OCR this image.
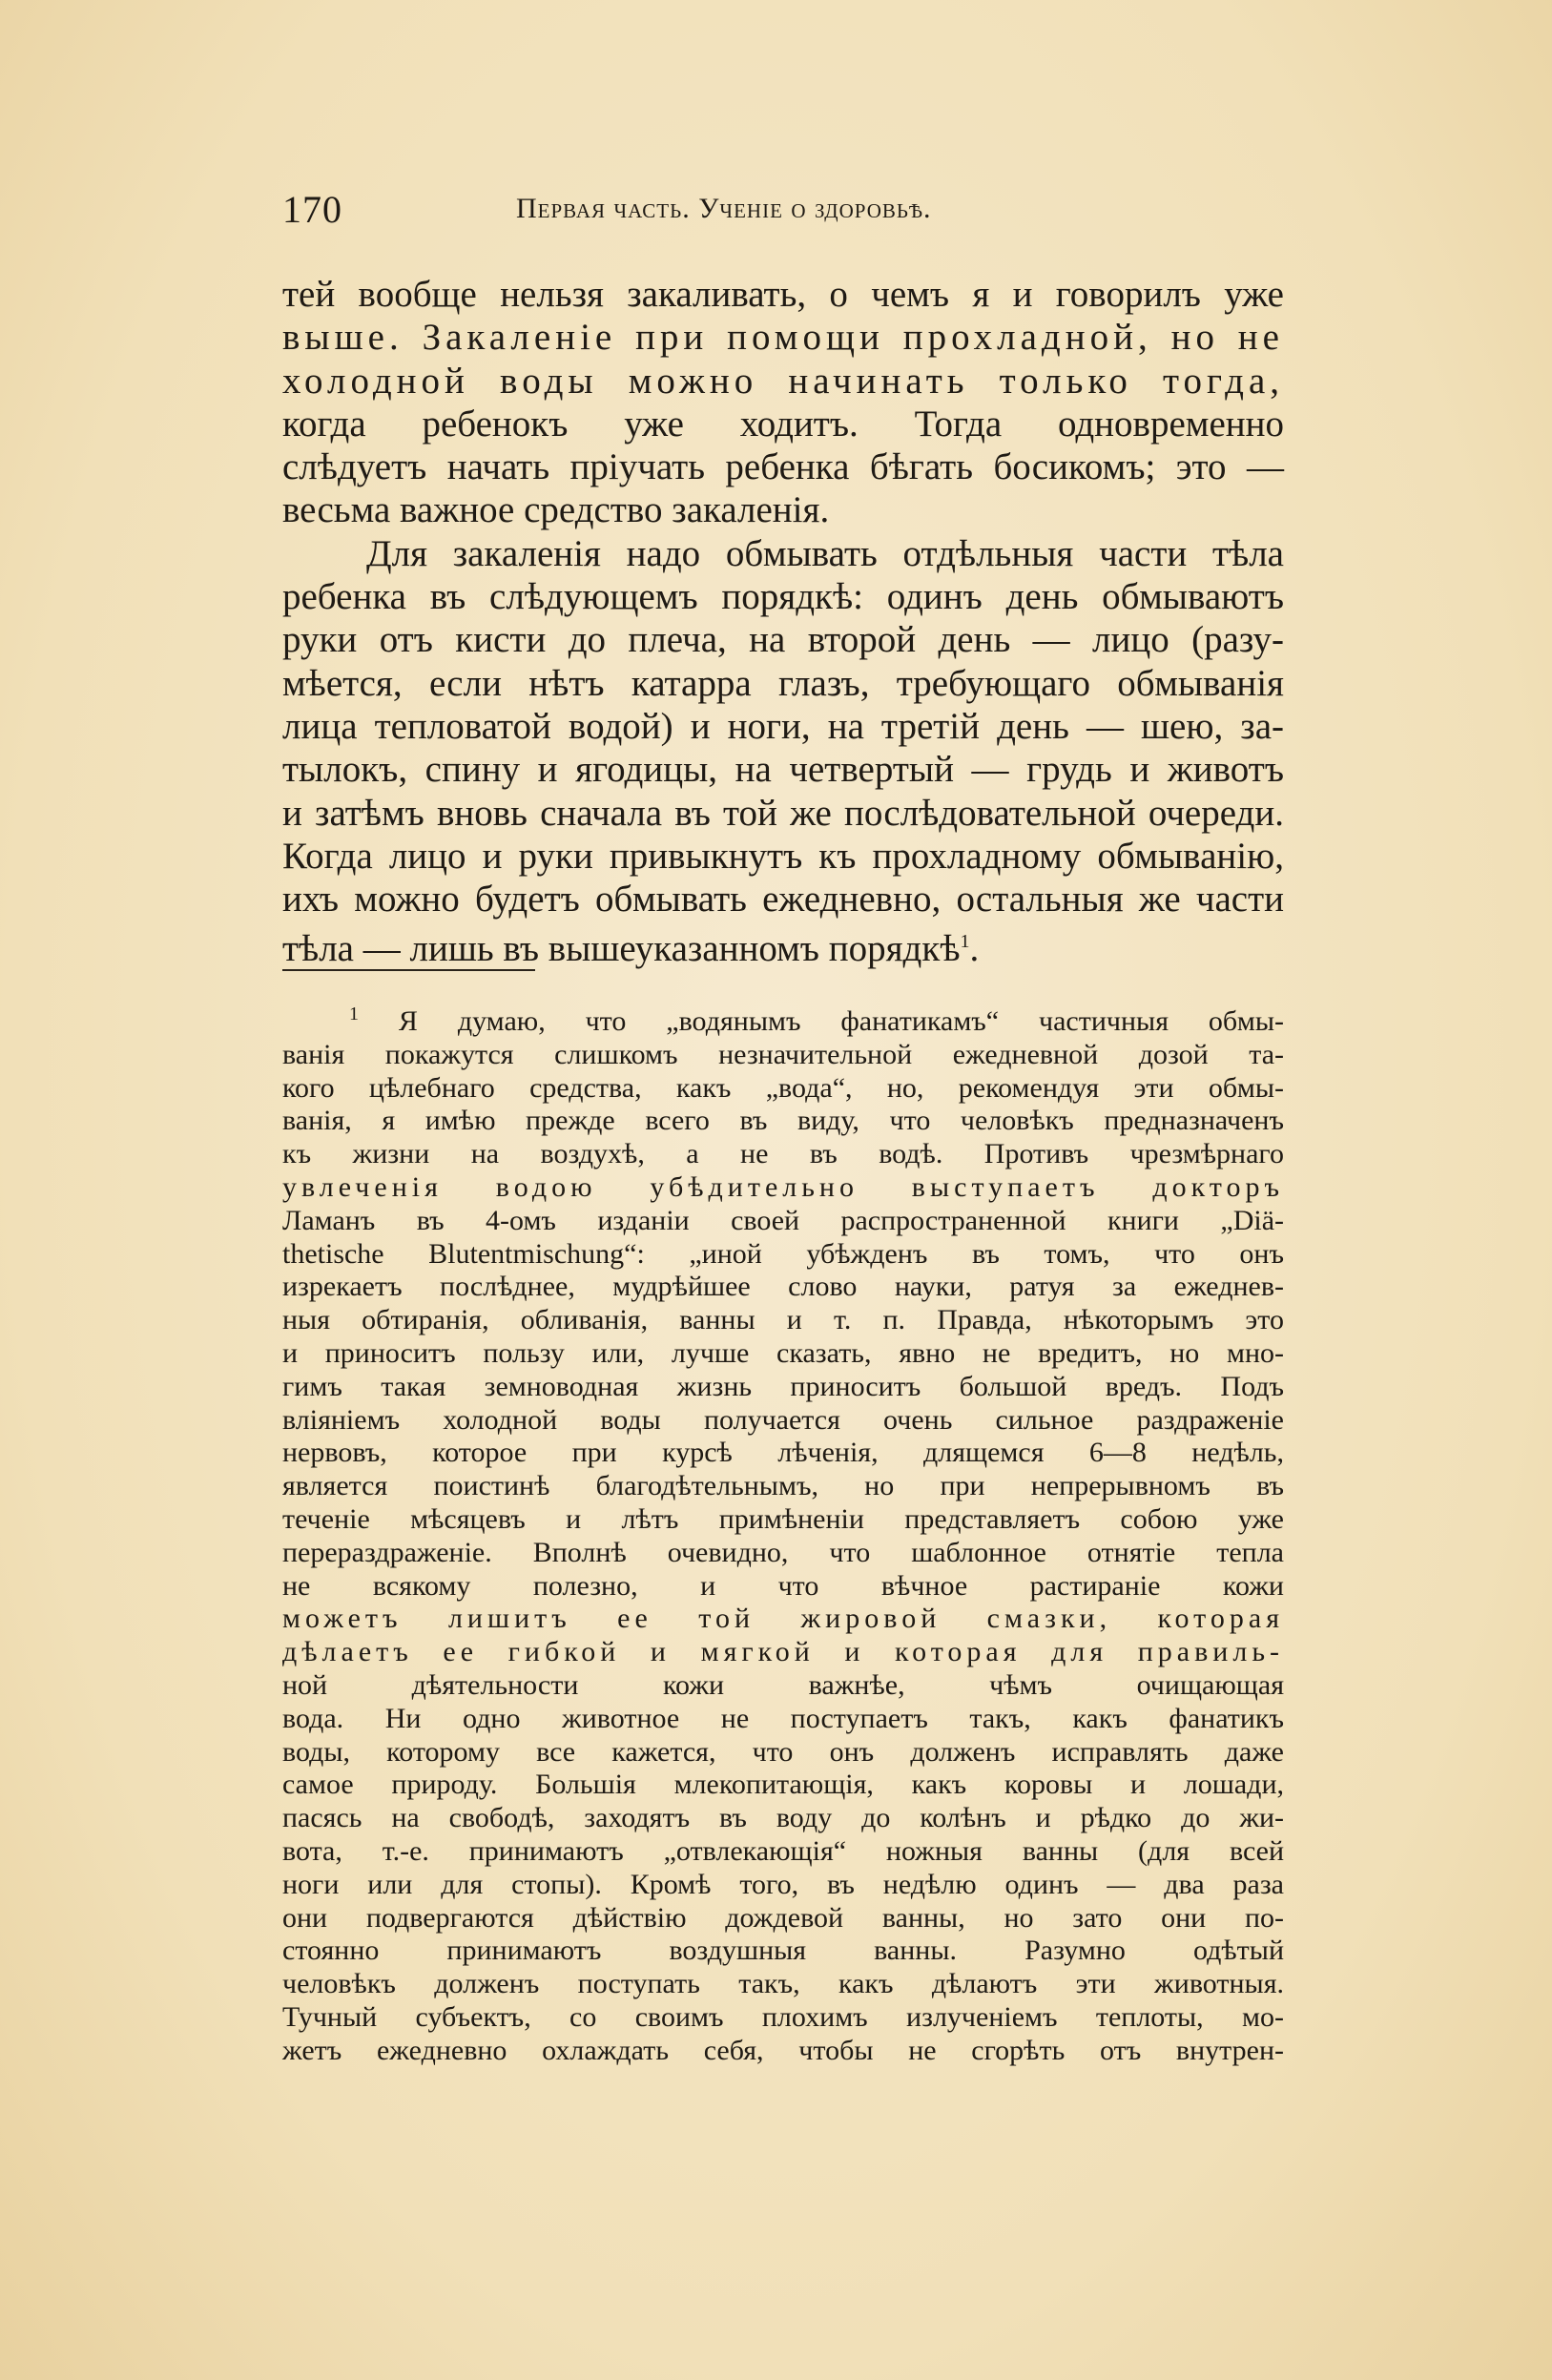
170	Первая часть. Ученіе о здоровьѣ.
тей вообще нельзя закаливать, о чемъ я и говорилъ уже
выше. Закаленіе при помощи прохладной, но не
холодной воды можно начинать только тогда,
когда ребенокъ уже ходитъ. Тогда одновременно
слѣдуетъ начать пріучать ребенка бѣгать босикомъ; это —
весьма важное средство закаленія.
Для закаленія надо обмывать отдѣльныя части тѣла
ребенка въ слѣдующемъ порядкѣ: одинъ день обмываютъ
руки отъ кисти до плеча, на второй день — лицо (разу-
мѣется, если нѣтъ катарра глазъ, требующаго обмыванія
лица тепловатой водой) и ноги, на третій день — шею, за-
тылокъ, спину и ягодицы, на четвертый — грудь и животъ
и затѣмъ вновь сначала въ той же послѣдовательной очереди.
Когда лицо и руки привыкнутъ къ прохладному обмыванію,
ихъ можно будетъ обмывать ежедневно, остальныя же части
тѣла — лишь въ вышеуказанномъ порядкѣ$^1$.
$^1$ Я думаю, что „водянымъ фанатикамъ“ частичныя обмы-
ванія покажутся слишкомъ незначительной ежедневной дозой та-
кого цѣлебнаго средства, какъ „вода“, но, рекомендуя эти обмы-
ванія, я имѣю прежде всего въ виду, что человѣкъ предназначенъ
къ жизни на воздухѣ, а не въ водѣ. Противъ чрезмѣрнаго
увлеченія водою убѣдительно выступаетъ докторъ
Ламанъ въ 4-омъ изданіи своей распространенной книги „Diä-
thetische Blutentmischung“: „иной убѣжденъ въ томъ, что онъ
изрекаетъ послѣднее, мудрѣйшее слово науки, ратуя за ежеднев-
ныя обтиранія, обливанія, ванны и т. п. Правда, нѣкоторымъ это
и приноситъ пользу или, лучше сказать, явно не вредитъ, но мно-
гимъ такая земноводная жизнь приноситъ большой вредъ. Подъ
вліяніемъ холодной воды получается очень сильное раздраженіе
нервовъ, которое при курсѣ лѣченія, длящемся 6—8 недѣль,
является поистинѣ благодѣтельнымъ, но при непрерывномъ въ
теченіе мѣсяцевъ и лѣтъ примѣненіи представляетъ собою уже
перераздраженіе. Вполнѣ очевидно, что шаблонное отнятіе тепла
не всякому полезно, и что вѣчное растираніе кожи
можетъ лишитъ ее той жировой смазки, которая
дѣлаетъ ее гибкой и мягкой и которая для правиль-
ной дѣятельности кожи важнѣе, чѣмъ очищающая
вода. Ни одно животное не поступаетъ такъ, какъ фанатикъ
воды, которому все кажется, что онъ долженъ исправлять даже
самое природу. Большія млекопитающія, какъ коровы и лошади,
пасясь на свободѣ, заходятъ въ воду до колѣнъ и рѣдко до жи-
вота, т.-е. принимаютъ „отвлекающія“ ножныя ванны (для всей
ноги или для стопы). Кромѣ того, въ недѣлю одинъ — два раза
они подвергаются дѣйствію дождевой ванны, но зато они по-
стоянно принимаютъ воздушныя ванны. Разумно одѣтый
человѣкъ долженъ поступать такъ, какъ дѣлаютъ эти животныя.
Тучный субъектъ, со своимъ плохимъ излученіемъ теплоты, мо-
жетъ ежедневно охлаждать себя, чтобы не сгорѣть отъ внутрен-
